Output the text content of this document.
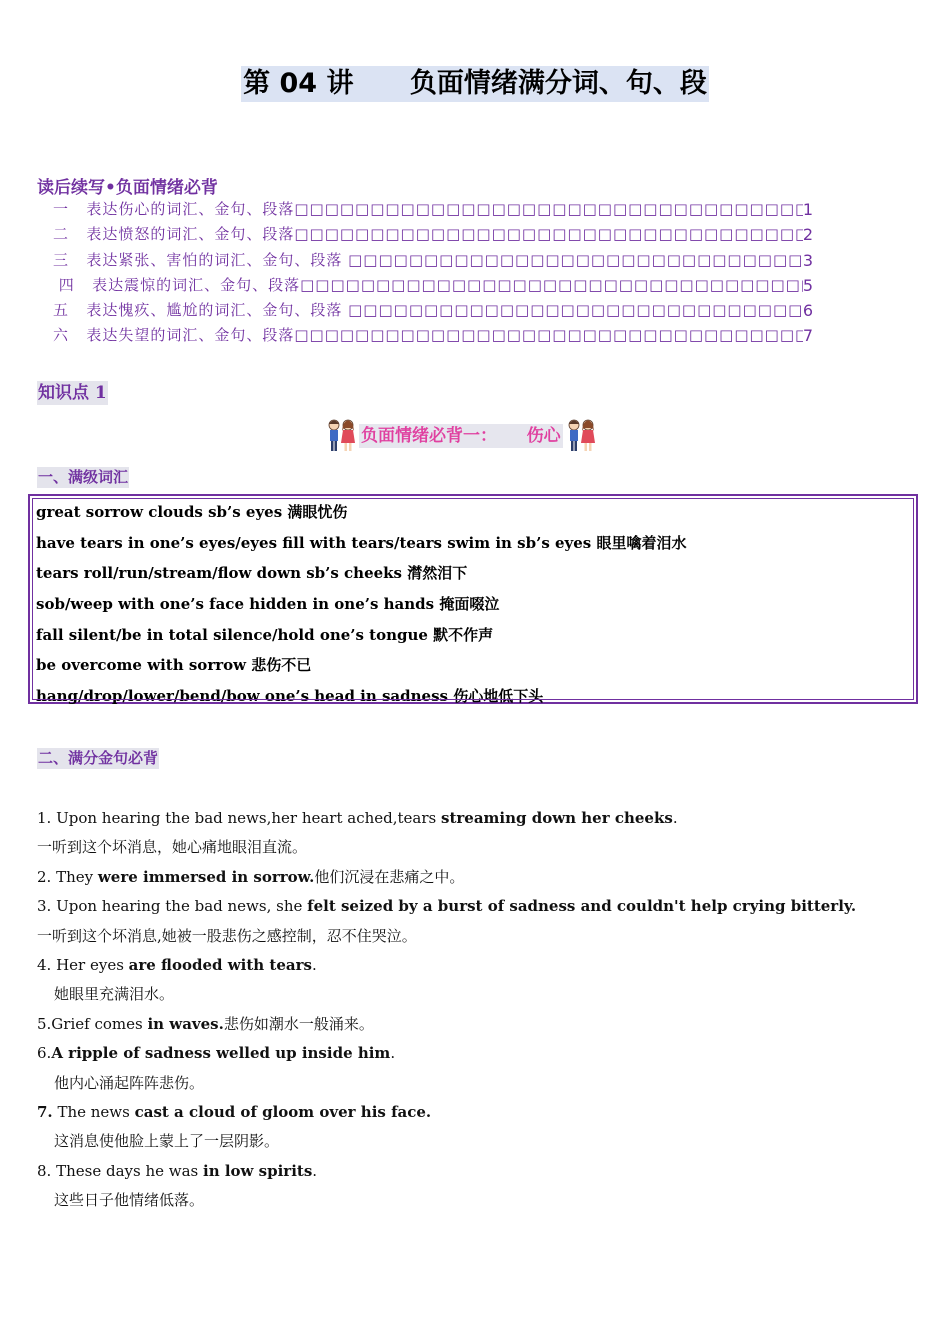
第 04 讲      负面情绪满分词、句、段
读后续写•负面情绪必背
一 表达伤心的词汇、金句、段落 □□□□□□□□□□□□□□□□□□□□□□□□□□□□□□□□□□□□□□□□□□□□□□□□□□□□□□□□□□□□□□	1
二 表达愤怒的词汇、金句、段落 □□□□□□□□□□□□□□□□□□□□□□□□□□□□□□□□□□□□□□□□□□□□□□□□□□□□□□□□□□□□□□	2
三 表达紧张、害怕的词汇、金句、段落 □□□□□□□□□□□□□□□□□□□□□□□□□□□□□□□□□□□□□□□□□□□□□□□□□□□□□□□□□□□□□□	3
四 表达震惊的词汇、金句、段落 □□□□□□□□□□□□□□□□□□□□□□□□□□□□□□□□□□□□□□□□□□□□□□□□□□□□□□□□□□□□□□	5
五 表达愧疚、尴尬的词汇、金句、段落 □□□□□□□□□□□□□□□□□□□□□□□□□□□□□□□□□□□□□□□□□□□□□□□□□□□□□□□□□□□□□□	6
六 表达失望的词汇、金句、段落 □□□□□□□□□□□□□□□□□□□□□□□□□□□□□□□□□□□□□□□□□□□□□□□□□□□□□□□□□□□□□□	7
知识点 1
负面情绪必背一：     伤心
一、满级词汇
great sorrow clouds sb’s eyes 满眼忧伤
have tears in one’s eyes/eyes fill with tears/tears swim in sb’s eyes 眼里噙着泪水
tears roll/run/stream/flow down sb’s cheeks 潸然泪下
sob/weep with one’s face hidden in one’s hands 掩面啜泣
fall silent/be in total silence/hold one’s tongue 默不作声
be overcome with sorrow 悲伤不已
hang/drop/lower/bend/bow one’s head in sadness 伤心地低下头
二、满分金句必背
1. Upon hearing the bad news,her heart ached,tears streaming down her cheeks.
一听到这个坏消息，她心痛地眼泪直流。
2. They were immersed in sorrow.他们沉浸在悲痛之中。
3. Upon hearing the bad news, she felt seized by a burst of sadness and couldn't help crying bitterly.
一听到这个坏消息,她被一股悲伤之感控制，忍不住哭泣。
4. Her eyes are flooded with tears.
她眼里充满泪水。
5.Grief comes in waves.悲伤如潮水一般涌来。
6.A ripple of sadness welled up inside him.
他内心涌起阵阵悲伤。
7. The news cast a cloud of gloom over his face.
这消息使他脸上蒙上了一层阴影。
8. These days he was in low spirits.
这些日子他情绪低落。
